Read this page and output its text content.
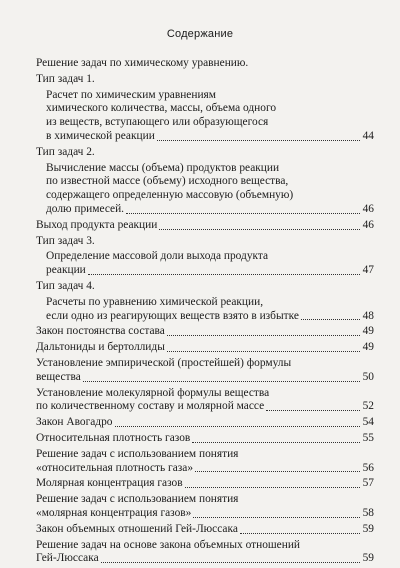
Содержание
Решение задач по химическому уравнению.
Тип задач 1.
Расчет по химическим уравнениям
химического количества, массы, объема одного
из веществ, вступающего или образующегося
в химической реакции	44
Тип задач 2.
Вычисление массы (объема) продуктов реакции
по известной массе (объему) исходного вещества,
содержащего определенную массовую (объемную)
долю примесей.	46
Выход продукта реакции	46
Тип задач 3.
Определение массовой доли выхода продукта
реакции	47
Тип задач 4.
Расчеты по уравнению химической реакции,
если одно из реагирующих веществ взято в избытке	48
Закон постоянства состава	49
Дальтониды и бертоллиды	49
Установление эмпирической (простейшей) формулы
вещества	50
Установление молекулярной формулы вещества
по количественному составу и молярной массе	52
Закон Авогадро	54
Относительная плотность газов	55
Решение задач с использованием понятия
«относительная плотность газа»	56
Молярная концентрация газов	57
Решение задач с использованием понятия
«молярная концентрация газов»	58
Закон объемных отношений Гей-Люссака	59
Решение задач на основе закона объемных отношений
Гей-Люссака	59
